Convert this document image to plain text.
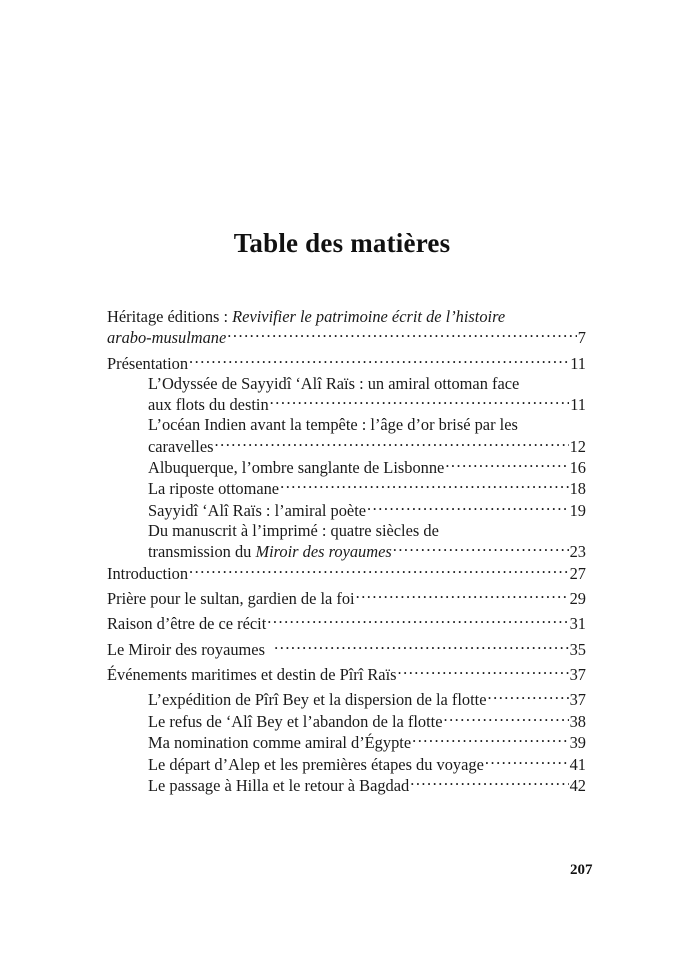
Table des matières
Héritage éditions : Revivifier le patrimoine écrit de l’histoire
arabo-musulmane .....	7
Présentation .....	11
L’Odyssée de Sayyidî ‘Alî Raïs : un amiral ottoman face
aux flots du destin .....	11
L’océan Indien avant la tempête : l’âge d’or brisé par les
caravelles .....	12
Albuquerque, l’ombre sanglante de Lisbonne .....	16
La riposte ottomane .....	18
Sayyidî ‘Alî Raïs : l’amiral poète .....	19
Du manuscrit à l’imprimé : quatre siècles de
transmission du Miroir des royaumes .....	23
Introduction .....	27
Prière pour le sultan, gardien de la foi .....	29
Raison d’être de ce récit .....	31
Le Miroir des royaumes .....	35
Événements maritimes et destin de Pîrî Raïs .....	37
L’expédition de Pîrî Bey et la dispersion de la flotte .....	37
Le refus de ‘Alî Bey et l’abandon de la flotte .....	38
Ma nomination comme amiral d’Égypte .....	39
Le départ d’Alep et les premières étapes du voyage .....	41
Le passage à Hilla et le retour à Bagdad .....	42
207
